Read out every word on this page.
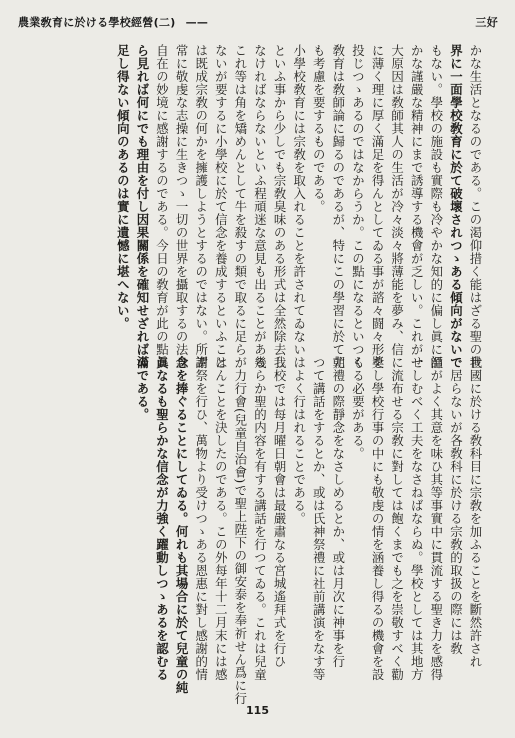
農業敎育に於ける學校經營(二) ——	三好

かな生活となるのである。この渇仰措く能はざる聖の世

界に一面學校敎育に於て破壞されつゝある傾向がないで

もない。學校の施設も實際も冷やかな知的に偏し眞に溫

かな謹嚴な精神にまで誘導する機會が乏しい。これが一

大原因は敎師其人の生活が冷々淡々將薄能を夢み、信

に薄く理に厚く滿足を得んとしてゐる事が諮々闘々形を

投じつゝあるのではなからうか。この點になるといつも

敎育は敎師論に歸るのであるが、特にこの學習に於て尤

も考慮を要するものである。

小學校敎育には宗敎を取入れることを許されてゐない

といふ事から少しでも宗敎臭味のある形式は全然除去し

なければならないといふ程頑迷な意見も出ることがある

これ等は角を矯めんとして牛を殺すの類で取るに足ら

ないが要するに小學校に於て信念を養成するといふこと

は既成宗敎の何かを擁護しようとするのではない。所謂

常に敬虔な志操に生きつゝ一切の世界を攝取するの法身

自在の妙境に感謝するのである。今日の敎育が此の點か

ら見れば何にでも理由を付し因果關係を確知せざれば滿

足し得ない傾向のあるのは實に遺憾に堪へない。

我國に於ける敎科目に宗敎を加ふることを斷然許され

て居らないが各敎科に於ける宗敎的取扱の際には敎

師がよく其意を味ひ其等事實中に貫流する聖き力を感得

せしむべく工夫をなさねばならぬ。學校としては其地方

に流布せる宗敎に對しては飽くまでも之を崇敬すべく勸

奬し學校行事の中にも敬虔の情を涵養し得るの機會を設

くる必要がある。

朝禮の際靜念をなさしめるとか、或は月次に神事を行

つて講話をするとか、或は氏神祭禮に社前講演をなす等

はよく行はれることである。

我校では每月曜日朝會は最嚴肅なる宮城遙拜式を行ひ

幾らか聖的内容を有する講話を行つてゐる。これは兒童

が力行會(兒童自治會)で聖上陛下の御安泰を奉祈せん爲に行

はんことを決したのである。この外每年十二月末には感

謝祭を行ひ、萬物より受けつゝある恩惠に對し感謝的情

念を捧ぐることにしてゐる。何れも其場合に於て兒童の純

眞なるも聖らかな信念が力強く躍動しつゝあるを認むる

のである。

115
